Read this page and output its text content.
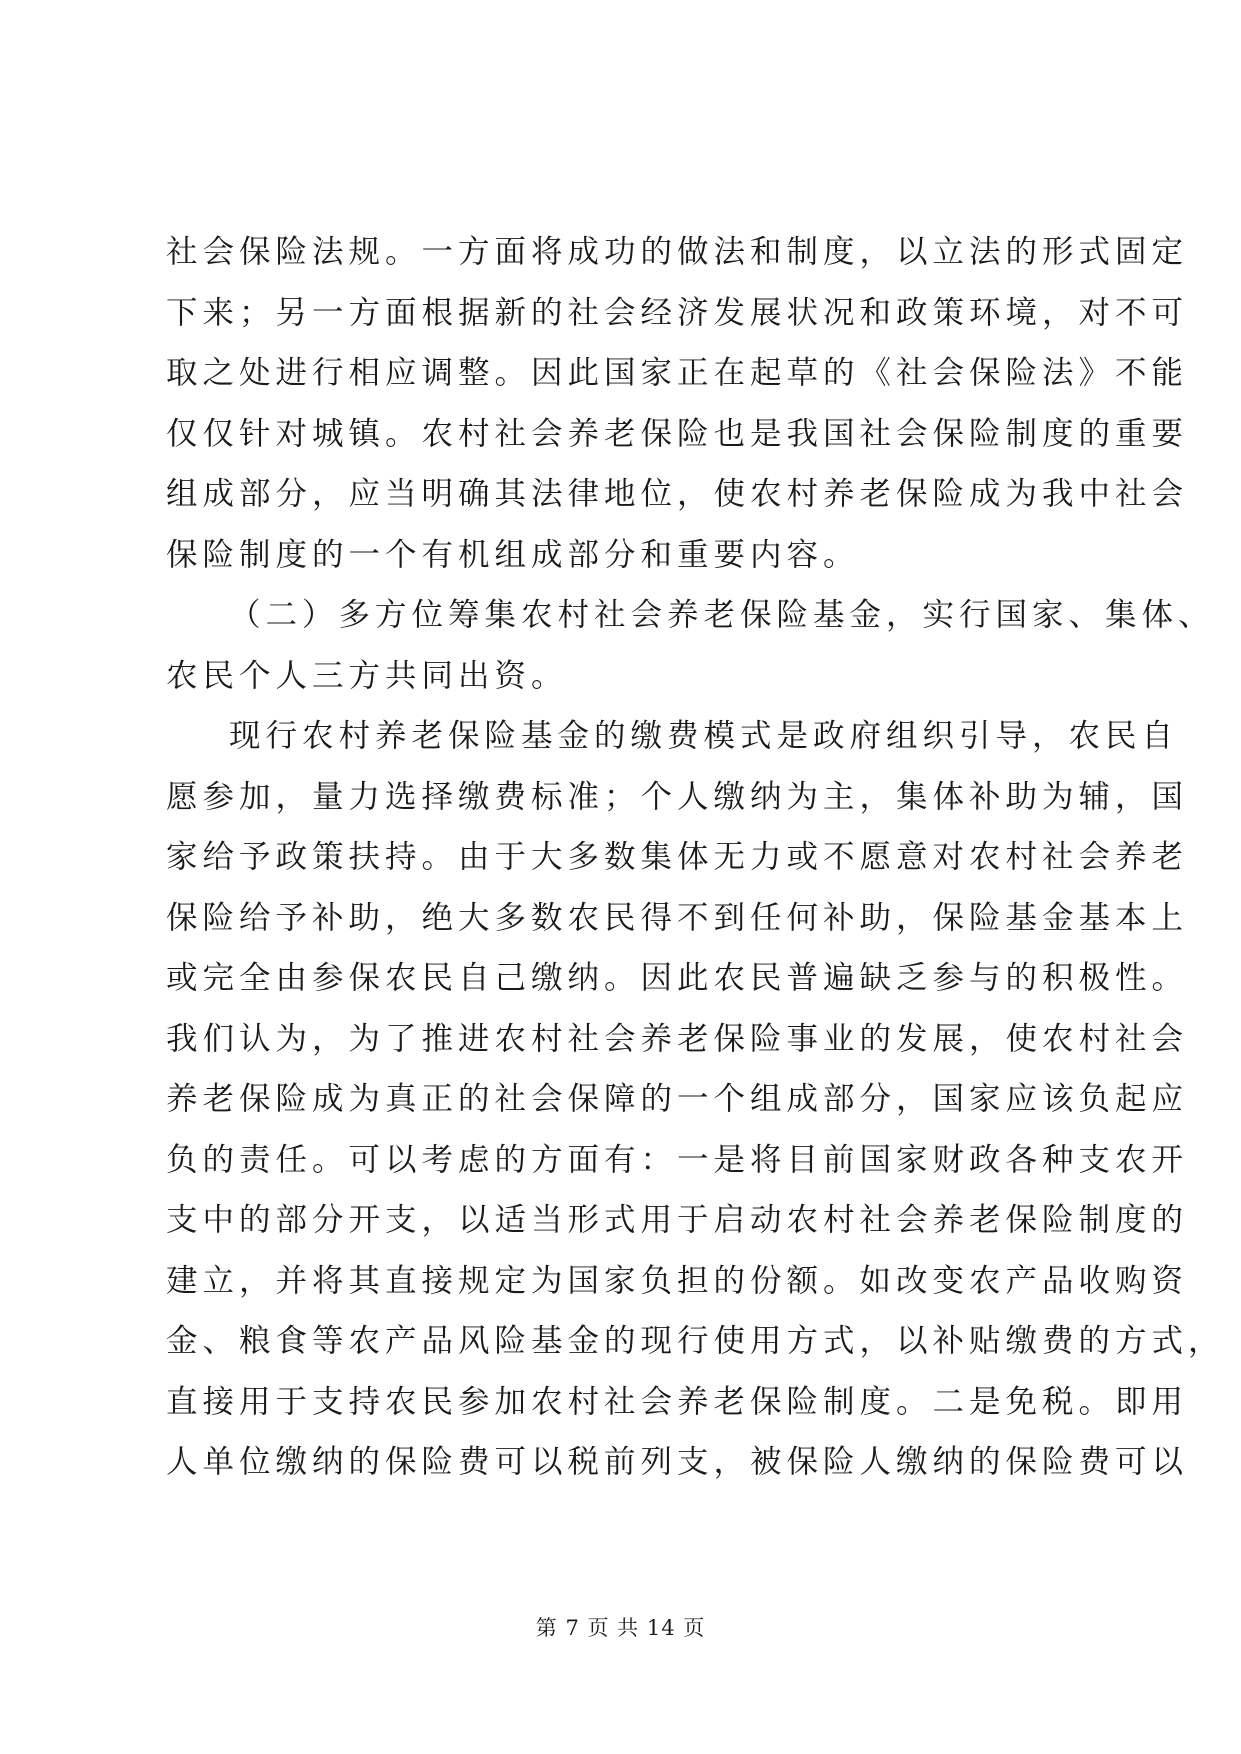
社会保险法规。一方面将成功的做法和制度，以立法的形式固定
下来；另一方面根据新的社会经济发展状况和政策环境，对不可
取之处进行相应调整。因此国家正在起草的《社会保险法》不能
仅仅针对城镇。农村社会养老保险也是我国社会保险制度的重要
组成部分，应当明确其法律地位，使农村养老保险成为我中社会
保险制度的一个有机组成部分和重要内容。
（二）多方位筹集农村社会养老保险基金，实行国家、集体、
农民个人三方共同出资。
现行农村养老保险基金的缴费模式是政府组织引导，农民自
愿参加，量力选择缴费标准；个人缴纳为主，集体补助为辅，国
家给予政策扶持。由于大多数集体无力或不愿意对农村社会养老
保险给予补助，绝大多数农民得不到任何补助，保险基金基本上
或完全由参保农民自己缴纳。因此农民普遍缺乏参与的积极性。
我们认为，为了推进农村社会养老保险事业的发展，使农村社会
养老保险成为真正的社会保障的一个组成部分，国家应该负起应
负的责任。可以考虑的方面有：一是将目前国家财政各种支农开
支中的部分开支，以适当形式用于启动农村社会养老保险制度的
建立，并将其直接规定为国家负担的份额。如改变农产品收购资
金、粮食等农产品风险基金的现行使用方式，以补贴缴费的方式，
直接用于支持农民参加农村社会养老保险制度。二是免税。即用
人单位缴纳的保险费可以税前列支，被保险人缴纳的保险费可以
第 7 页 共 14 页
